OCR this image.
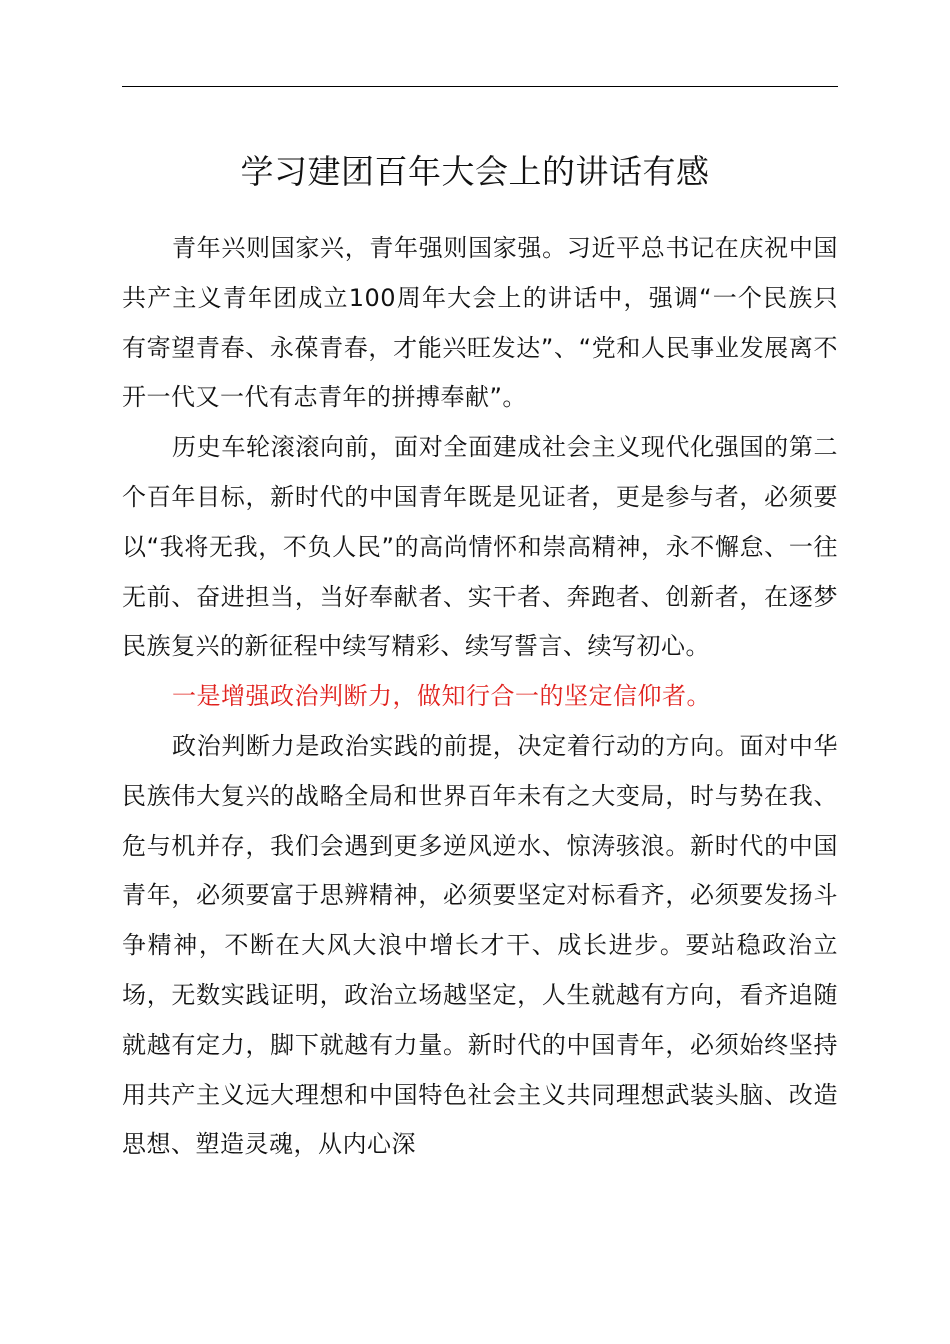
学习建团百年大会上的讲话有感

青年兴则国家兴，青年强则国家强。习近平总书记在庆祝中国共产主义青年团成立100周年大会上的讲话中，强调“一个民族只有寄望青春、永葆青春，才能兴旺发达”、“党和人民事业发展离不开一代又一代有志青年的拼搏奉献”。

历史车轮滚滚向前，面对全面建成社会主义现代化强国的第二个百年目标，新时代的中国青年既是见证者，更是参与者，必须要以“我将无我，不负人民”的高尚情怀和崇高精神，永不懈怠、一往无前、奋进担当，当好奉献者、实干者、奔跑者、创新者，在逐梦民族复兴的新征程中续写精彩、续写誓言、续写初心。

一是增强政治判断力，做知行合一的坚定信仰者。

政治判断力是政治实践的前提，决定着行动的方向。面对中华民族伟大复兴的战略全局和世界百年未有之大变局，时与势在我、危与机并存，我们会遇到更多逆风逆水、惊涛骇浪。新时代的中国青年，必须要富于思辨精神，必须要坚定对标看齐，必须要发扬斗争精神，不断在大风大浪中增长才干、成长进步。要站稳政治立场，无数实践证明，政治立场越坚定，人生就越有方向，看齐追随就越有定力，脚下就越有力量。新时代的中国青年，必须始终坚持用共产主义远大理想和中国特色社会主义共同理想武装头脑、改造思想、塑造灵魂，从内心深
